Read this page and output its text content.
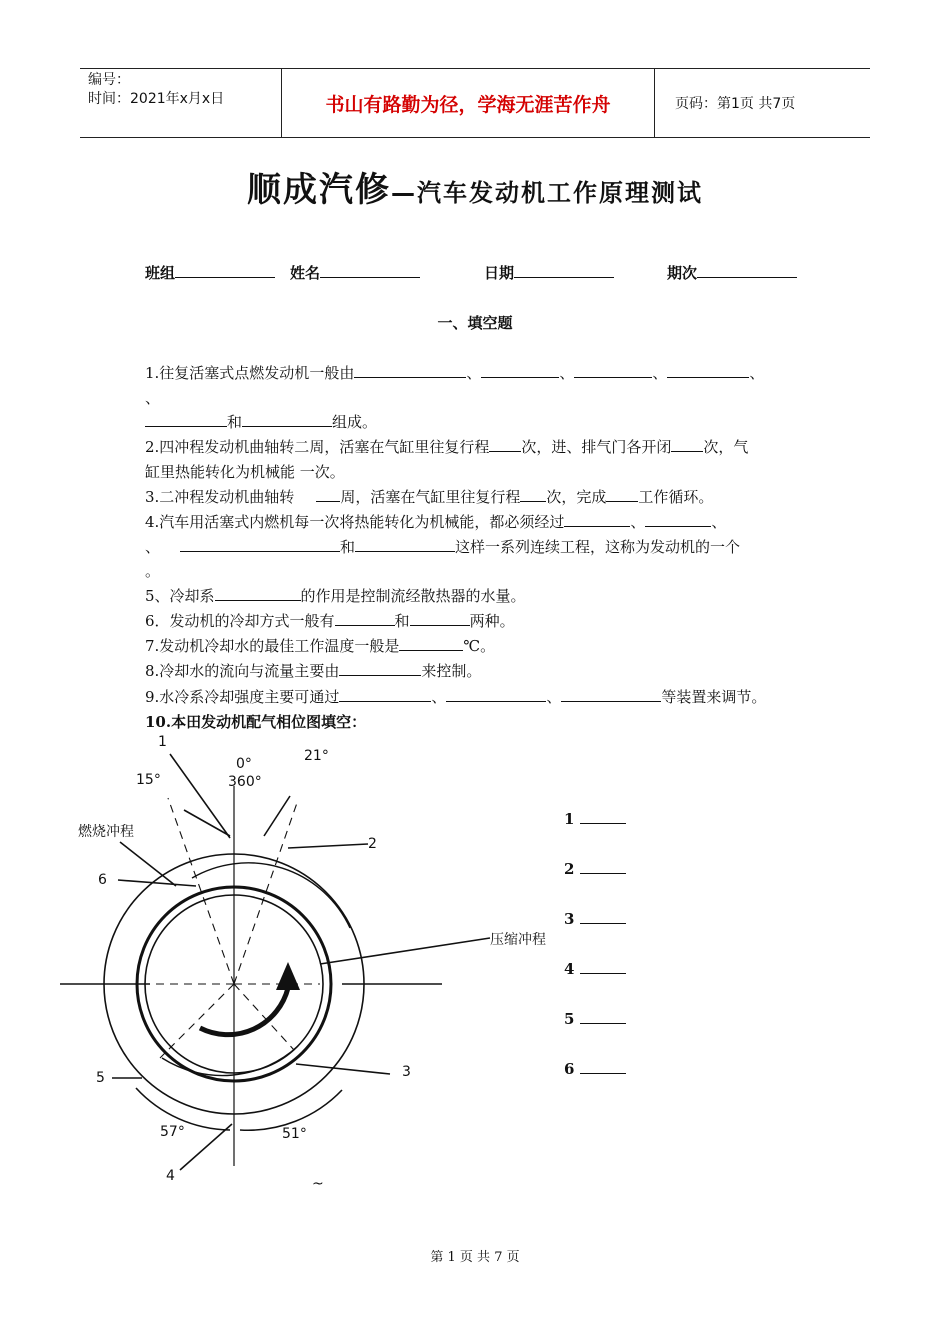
编号：
时间：2021年x月x日	书山有路勤为径，学海无涯苦作舟	页码：第1页 共7页
顺成汽修—汽车发动机工作原理测试
班组	姓名	日期	期次
一、填空题
1.往复活塞式点燃发动机一般由	、	、	、	、
、
和	组成。
2.四冲程发动机曲轴转二周，活塞在气缸里往复行程 次，进、排气门各开闭 次，气
缸里热能转化为机械能 一次。
3.二冲程发动机曲轴转	周，活塞在气缸里往复行程 次，完成 工作循环。
4.汽车用活塞式内燃机每一次将热能转化为机械能，都必须经过	、	、
、	和	这样一系列连续工程，这称为发动机的一个
。
5、冷却系	的作用是控制流经散热器的水量。
6．发动机的冷却方式一般有	和	两种。
7.发动机冷却水的最佳工作温度一般是	℃。
8.冷却水的流向与流量主要由	来控制。
9.水冷系冷却强度主要可通过	、	、	等装置来调节。
10.本田发动机配气相位图填空：
1
2
3
4
5
6
0°
360°
15°
21°
57°	51°
燃烧冲程
压缩冲程
~
1
2
3
4
5
6
第 1 页 共 7 页
